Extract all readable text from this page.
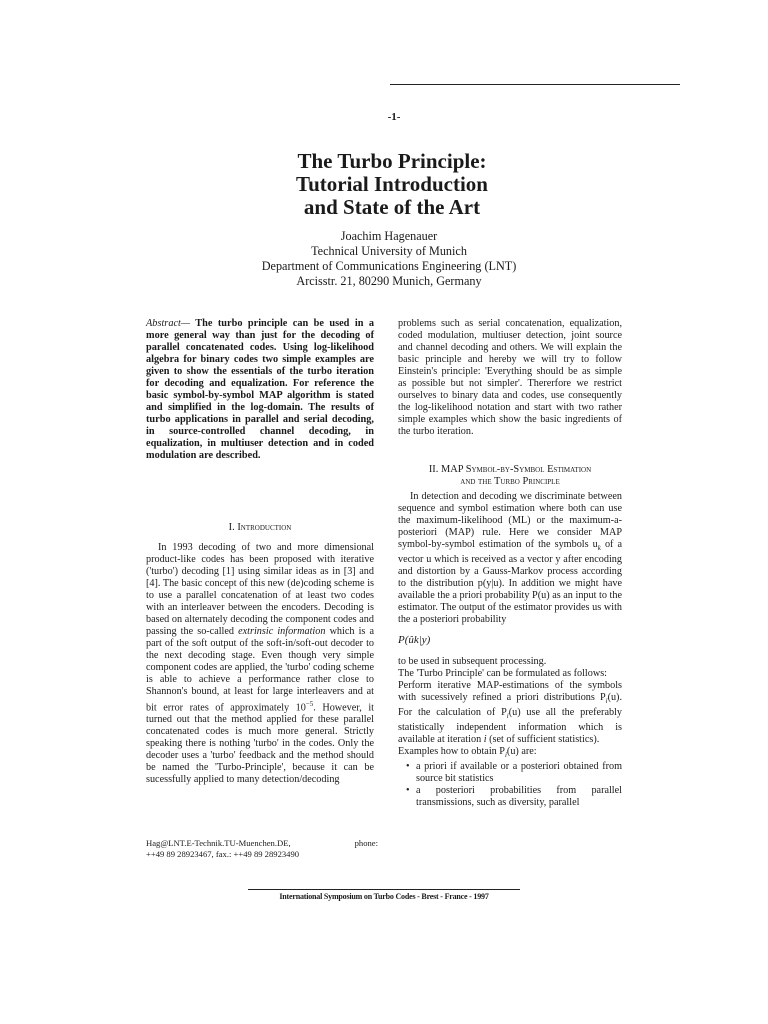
-1-
The Turbo Principle:
Tutorial Introduction
and State of the Art
Joachim Hagenauer
Technical University of Munich
Department of Communications Engineering (LNT)
Arcisstr. 21, 80290 Munich, Germany
Abstract— The turbo principle can be used in a more general way than just for the decoding of parallel concatenated codes. Using log-likelihood algebra for binary codes two simple examples are given to show the essentials of the turbo iteration for decoding and equalization. For reference the basic symbol-by-symbol MAP algorithm is stated and simplified in the log-domain. The results of turbo applications in parallel and serial decoding, in source-controlled channel decoding, in equalization, in multiuser detection and in coded modulation are described.
I. Introduction

In 1993 decoding of two and more dimensional product-like codes has been proposed with iterative ('turbo') decoding [1] using similar ideas as in [3] and [4]. The basic concept of this new (de)coding scheme is to use a parallel concatenation of at least two codes with an interleaver between the encoders. Decoding is based on alternately decoding the component codes and passing the so-called extrinsic information which is a part of the soft output of the soft-in/soft-out decoder to the next decoding stage. Even though very simple component codes are applied, the 'turbo' coding scheme is able to achieve a performance rather close to Shannon's bound, at least for large interleavers and at bit error rates of approximately $10^{-5}$. However, it turned out that the method applied for these parallel concatenated codes is much more general. Strictly speaking there is nothing 'turbo' in the codes. Only the decoder uses a 'turbo' feedback and the method should be named the 'Turbo-Principle', because it can be sucessfully applied to many detection/decoding

Hag@LNT.E-Technik.TU-Muenchen.DE,	phone:
++49 89 28923467, fax.: ++49 89 28923490

problems such as serial concatenation, equalization, coded modulation, multiuser detection, joint source and channel decoding and others. We will explain the basic principle and hereby we will try to follow Einstein's principle: 'Everything should be as simple as possible but not simpler'. Thererfore we restrict ourselves to binary data and codes, use consequently the log-likelihood notation and start with two rather simple examples which show the basic ingredients of the turbo iteration.

II. MAP Symbol-by-Symbol Estimation
and the Turbo Principle

In detection and decoding we discriminate between sequence and symbol estimation where both can use the maximum-likelihood (ML) or the maximum-a-posteriori (MAP) rule. Here we consider MAP symbol-by-symbol estimation of the symbols $u_k$ of a vector u which is received as a vector y after encoding and distortion by a Gauss-Markov process according to the distribution p(y|u). In addition we might have available the a priori probability P(u) as an input to the estimator. The output of the estimator provides us with the a posteriori probability

P(ûk|y)

to be used in subsequent processing.

The 'Turbo Principle' can be formulated as follows:

Perform iterative MAP-estimations of the symbols with sucessively refined a priori distributions $P_i(u)$. For the calculation of $P_i(u)$ use all the preferably statistically independent information which is available at iteration i (set of sufficient statistics).

Examples how to obtain $P_i(u)$ are:

• a priori if available or a posteriori obtained from source bit statistics
• a posteriori probabilities from parallel transmissions, such as diversity, parallel
International Symposium on Turbo Codes - Brest - France - 1997
